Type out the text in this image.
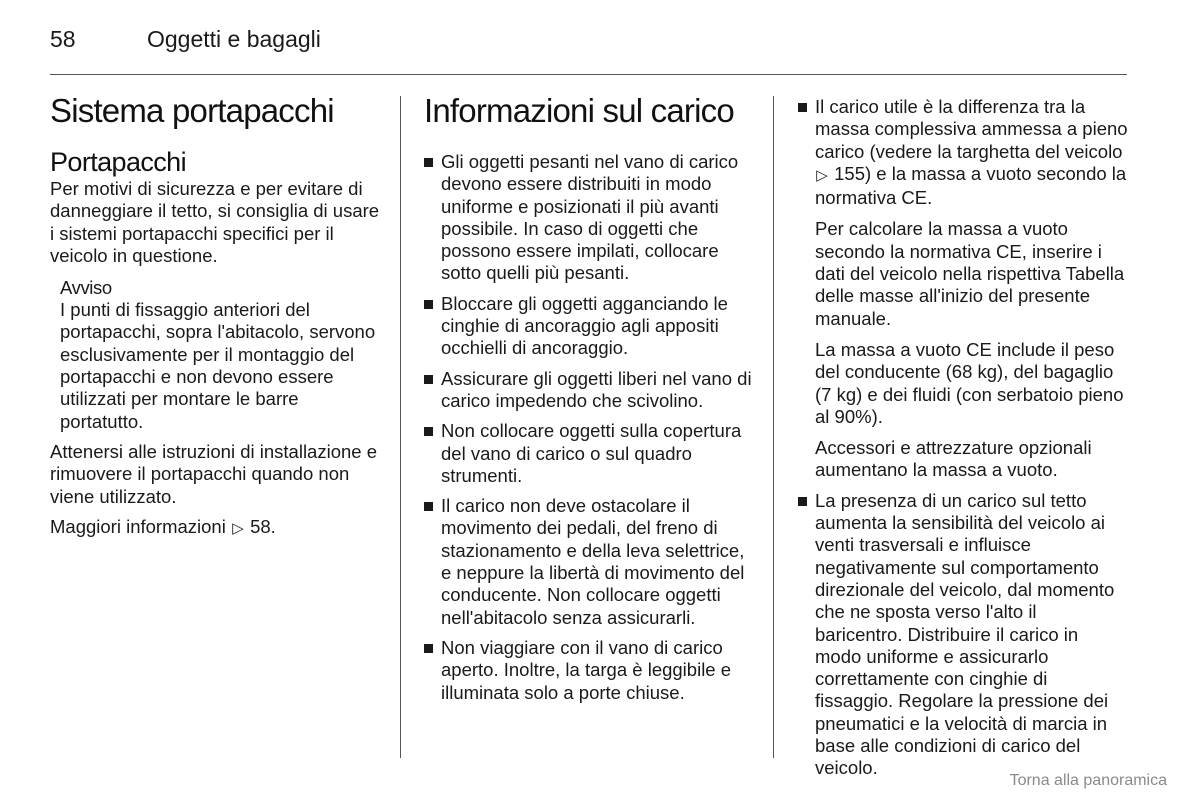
58	Oggetti e bagagli
Sistema portapacchi
Portapacchi

Per motivi di sicurezza e per evitare di danneggiare il tetto, si consiglia di usare i sistemi portapacchi specifici per il veicolo in questione.

Avviso

I punti di fissaggio anteriori del portapacchi, sopra l'abitacolo, servono esclusivamente per il montaggio del portapacchi e non devono essere utilizzati per montare le barre portatutto.

Attenersi alle istruzioni di installazione e rimuovere il portapacchi quando non viene utilizzato.

Maggiori informazioni ▷ 58.

Informazioni sul carico
Gli oggetti pesanti nel vano di carico devono essere distribuiti in modo uniforme e posizionati il più avanti possibile. In caso di oggetti che possono essere impilati, collocare sotto quelli più pesanti.
Bloccare gli oggetti agganciando le cinghie di ancoraggio agli appositi occhielli di ancoraggio.
Assicurare gli oggetti liberi nel vano di carico impedendo che scivolino.
Non collocare oggetti sulla copertura del vano di carico o sul quadro strumenti.
Il carico non deve ostacolare il movimento dei pedali, del freno di stazionamento e della leva selettrice, e neppure la libertà di movimento del conducente. Non collocare oggetti nell'abitacolo senza assicurarli.
Non viaggiare con il vano di carico aperto. Inoltre, la targa è leggibile e illuminata solo a porte chiuse.
Il carico utile è la differenza tra la massa complessiva ammessa a pieno carico (vedere la targhetta del veicolo ▷ 155) e la massa a vuoto secondo la normativa CE.

Per calcolare la massa a vuoto secondo la normativa CE, inserire i dati del veicolo nella rispettiva Tabella delle masse all'inizio del presente manuale.

La massa a vuoto CE include il peso del conducente (68 kg), del bagaglio (7 kg) e dei fluidi (con serbatoio pieno al 90%).

Accessori e attrezzature opzionali aumentano la massa a vuoto.

La presenza di un carico sul tetto aumenta la sensibilità del veicolo ai venti trasversali e influisce negativamente sul comportamento direzionale del veicolo, dal momento che ne sposta verso l'alto il baricentro. Distribuire il carico in modo uniforme e assicurarlo correttamente con cinghie di fissaggio. Regolare la pressione dei pneumatici e la velocità di marcia in base alle condizioni di carico del veicolo.
Torna alla panoramica
